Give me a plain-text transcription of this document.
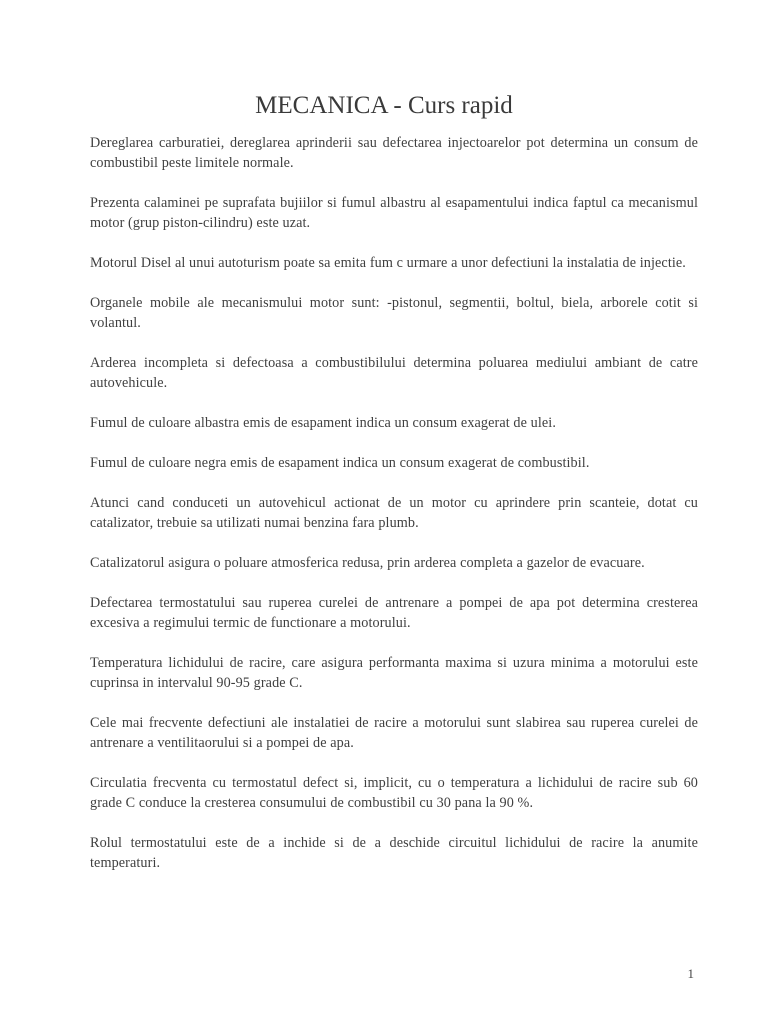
MECANICA - Curs rapid

Dereglarea carburatiei, dereglarea aprinderii sau defectarea injectoarelor pot determina un consum de combustibil peste limitele normale.

Prezenta calaminei pe suprafata bujiilor si fumul albastru al esapamentului indica faptul ca mecanismul motor (grup piston-cilindru) este uzat.

Motorul Disel al unui autoturism poate sa emita fum c urmare a unor defectiuni la instalatia de injectie.

Organele mobile ale mecanismului motor sunt: -pistonul, segmentii, boltul, biela, arborele cotit si volantul.

Arderea incompleta si defectoasa a combustibilului determina poluarea mediului ambiant de catre autovehicule.

Fumul de culoare albastra emis de esapament indica un consum exagerat de ulei.

Fumul de culoare negra emis de esapament indica un consum exagerat de combustibil.

Atunci cand conduceti un autovehicul actionat de un motor cu aprindere prin scanteie, dotat cu catalizator, trebuie sa utilizati numai benzina fara plumb.

Catalizatorul asigura o poluare atmosferica redusa, prin arderea completa a gazelor de evacuare.

Defectarea termostatului sau ruperea curelei de antrenare a pompei de apa pot determina cresterea excesiva a regimului termic de functionare a motorului.

Temperatura lichidului de racire, care asigura performanta maxima si uzura minima a motorului este cuprinsa in intervalul 90-95 grade C.

Cele mai frecvente defectiuni ale instalatiei de racire a motorului sunt slabirea sau ruperea curelei de antrenare a ventilitaorului si a pompei de apa.

Circulatia frecventa cu termostatul defect si, implicit, cu o temperatura a lichidului de racire sub 60 grade C conduce la cresterea consumului de combustibil cu 30 pana la 90 %.

Rolul termostatului este de a inchide si de a deschide circuitul lichidului de racire la anumite temperaturi.

1
